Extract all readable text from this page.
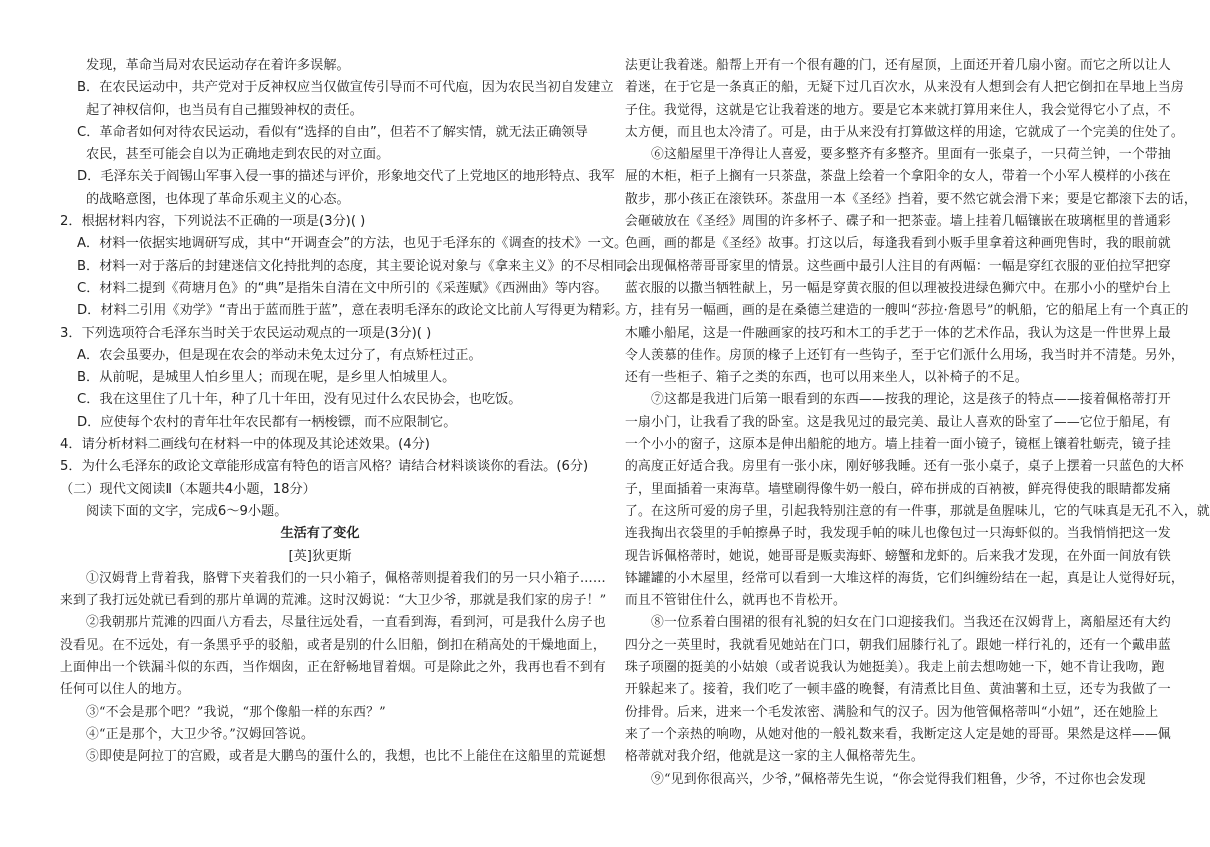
发现，革命当局对农民运动存在着许多误解。
B．在农民运动中，共产党对于反神权应当仅做宣传引导而不可代庖，因为农民当初自发建立
起了神权信仰，也当员有自己摧毁神权的责任。
C．革命者如何对待农民运动，看似有“选择的自由”，但若不了解实情，就无法正确领导
农民，甚至可能会自以为正确地走到农民的对立面。
D．毛泽东关于阎锡山军事入侵一事的描述与评价，形象地交代了上党地区的地形特点、我军
的战略意图，也体现了革命乐观主义的心态。
2．根据材料内容，下列说法不正确的一项是(3分)( )
A．材料一依据实地调研写成，其中“开调查会”的方法，也见于毛泽东的《调查的技术》一文。
B．材料一对于落后的封建迷信文化持批判的态度，其主要论说对象与《拿来主义》的不尽相同。
C．材料二提到《荷塘月色》的“典”是指朱自清在文中所引的《采莲赋》《西洲曲》等内容。
D．材料二引用《劝学》“青出于蓝而胜于蓝”，意在表明毛泽东的政论文比前人写得更为精彩。
3．下列选项符合毛泽东当时关于农民运动观点的一项是(3分)( )
A．农会虽要办，但是现在农会的举动未免太过分了，有点矫枉过正。
B．从前呢，是城里人怕乡里人；而现在呢，是乡里人怕城里人。
C．我在这里住了几十年，种了几十年田，没有见过什么农民协会，也吃饭。
D．应使每个农村的青年壮年农民都有一柄梭镖，而不应限制它。
4．请分析材料二画线句在材料一中的体现及其论述效果。(4分)
5．为什么毛泽东的政论文章能形成富有特色的语言风格？请结合材料谈谈你的看法。(6分)
（二）现代文阅读Ⅱ（本题共4小题，18分）
阅读下面的文字，完成6～9小题。
生活有了变化
[英]狄更斯
①汉姆背上背着我，胳臂下夹着我们的一只小箱子，佩格蒂则提着我们的另一只小箱子……
来到了我打远处就已看到的那片单调的荒滩。这时汉姆说：“大卫少爷，那就是我们家的房子！”
②我朝那片荒滩的四面八方看去，尽量往远处看，一直看到海，看到河，可是我什么房子也
没看见。在不远处，有一条黑乎乎的驳船，或者是别的什么旧船，倒扣在稍高处的干燥地面上，
上面伸出一个铁漏斗似的东西，当作烟囱，正在舒畅地冒着烟。可是除此之外，我再也看不到有
任何可以住人的地方。
③“不会是那个吧？”我说，“那个像船一样的东西？”
④“正是那个，大卫少爷。”汉姆回答说。
⑤即使是阿拉丁的宫殿，或者是大鹏鸟的蛋什么的，我想，也比不上能住在这船里的荒诞想
法更让我着迷。船帮上开有一个很有趣的门，还有屋顶，上面还开着几扇小窗。而它之所以让人
着迷，在于它是一条真正的船，无疑下过几百次水，从来没有人想到会有人把它倒扣在旱地上当房
子住。我觉得，这就是它让我着迷的地方。要是它本来就打算用来住人，我会觉得它小了点，不
太方便，而且也太冷清了。可是，由于从来没有打算做这样的用途，它就成了一个完美的住处了。
⑥这船屋里干净得让人喜爱，要多整齐有多整齐。里面有一张桌子，一只荷兰钟，一个带抽
屉的木柜，柜子上搁有一只茶盘，茶盘上绘着一个拿阳伞的女人，带着一个小军人模样的小孩在
散步，那小孩正在滚铁环。茶盘用一本《圣经》挡着，要不然它就会滑下来；要是它都滚下去的话，
会砸破放在《圣经》周围的许多杯子、碟子和一把茶壶。墙上挂着几幅镶嵌在玻璃框里的普通彩
色画，画的都是《圣经》故事。打这以后，每逢我看到小贩手里拿着这种画兜售时，我的眼前就
会出现佩格蒂哥哥家里的情景。这些画中最引人注目的有两幅：一幅是穿红衣服的亚伯拉罕把穿
蓝衣服的以撒当牺牲献上，另一幅是穿黄衣服的但以理被投进绿色狮穴中。在那小小的壁炉台上
方，挂有另一幅画，画的是在桑德兰建造的一艘叫“莎拉·詹恩号”的帆船，它的船尾上有一个真正的
木雕小船尾，这是一件融画家的技巧和木工的手艺于一体的艺术作品，我认为这是一件世界上最
令人羡慕的佳作。房顶的椽子上还钉有一些钩子，至于它们派什么用场，我当时并不清楚。另外，
还有一些柜子、箱子之类的东西，也可以用来坐人，以补椅子的不足。
⑦这都是我进门后第一眼看到的东西——按我的理论，这是孩子的特点——接着佩格蒂打开
一扇小门，让我看了我的卧室。这是我见过的最完美、最让人喜欢的卧室了——它位于船尾，有
一个小小的窗子，这原本是伸出船舵的地方。墙上挂着一面小镜子，镜框上镶着牡蛎壳，镜子挂
的高度正好适合我。房里有一张小床，刚好够我睡。还有一张小桌子，桌子上摆着一只蓝色的大杯
子，里面插着一束海草。墙壁刷得像牛奶一般白，碎布拼成的百衲被，鲜亮得使我的眼睛都发痛
了。在这所可爱的房子里，引起我特别注意的有一件事，那就是鱼腥味儿，它的气味真是无孔不入，就
连我掏出衣袋里的手帕擦鼻子时，我发现手帕的味儿也像包过一只海虾似的。当我悄悄把这一发
现告诉佩格蒂时，她说，她哥哥是贩卖海虾、螃蟹和龙虾的。后来我才发现，在外面一间放有铁
钵罐罐的小木屋里，经常可以看到一大堆这样的海货，它们纠缠纷结在一起，真是让人觉得好玩，
而且不管钳住什么，就再也不肯松开。
⑧一位系着白围裙的很有礼貌的妇女在门口迎接我们。当我还在汉姆背上，离船屋还有大约
四分之一英里时，我就看见她站在门口，朝我们屈膝行礼了。跟她一样行礼的，还有一个戴串蓝
珠子项圈的挺美的小姑娘（或者说我认为她挺美）。我走上前去想吻她一下，她不肯让我吻，跑
开躲起来了。接着，我们吃了一顿丰盛的晚餐，有清煮比目鱼、黄油薯和土豆，还专为我做了一
份排骨。后来，进来一个毛发浓密、满脸和气的汉子。因为他管佩格蒂叫“小妞”，还在她脸上
来了一个亲热的响吻，从她对他的一般礼数来看，我断定这人定是她的哥哥。果然是这样——佩
格蒂就对我介绍，他就是这一家的主人佩格蒂先生。
⑨“见到你很高兴，少爷，”佩格蒂先生说，“你会觉得我们粗鲁，少爷，不过你也会发现
